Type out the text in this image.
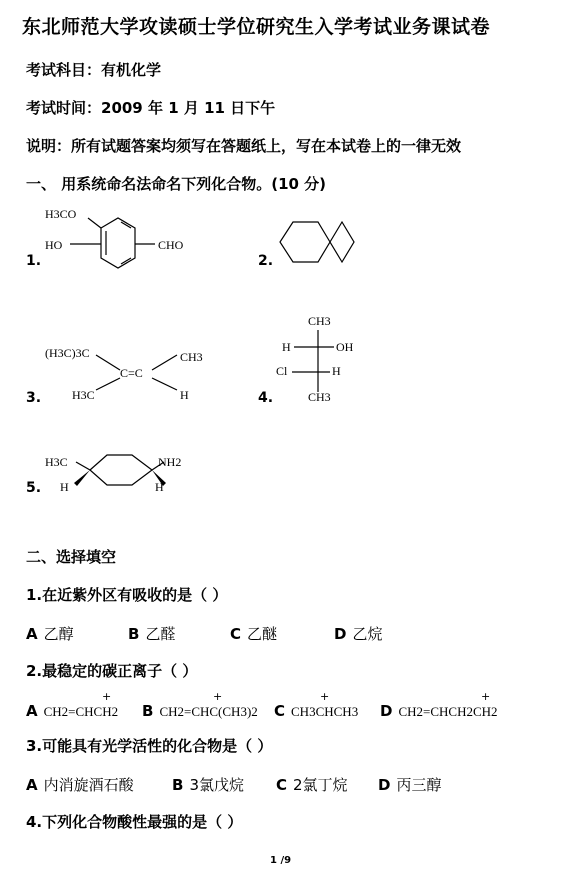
东北师范大学攻读硕士学位研究生入学考试业务课试卷
考试科目：有机化学
考试时间：2009 年 1 月 11 日下午
说明：所有试题答案均须写在答题纸上，写在本试卷上的一律无效
一、 用系统命名法命名下列化合物。(10 分)
1.
H3CO
HO	CHO
2.
3.
(H3C)3C	CH3
C=C
H3C	H	4.
CH3
H	OH
Cl	H
CH3
5.
H3C	NH2
H	H
二、选择填空
1.在近紫外区有吸收的是（ ）
A 乙醇	B 乙醛	C 乙醚	D 乙烷
2.最稳定的碳正离子（ ）
A CH2=CHCH2
+
B CH2=CHC(CH3)2
+
C CH3CHCH3
+
D CH2=CHCH2CH2
+
3.可能具有光学活性的化合物是（ ）
A 内消旋酒石酸	B 3氯戊烷 C 2氯丁烷 D 丙三醇
4.下列化合物酸性最强的是（ ）
1 /9
